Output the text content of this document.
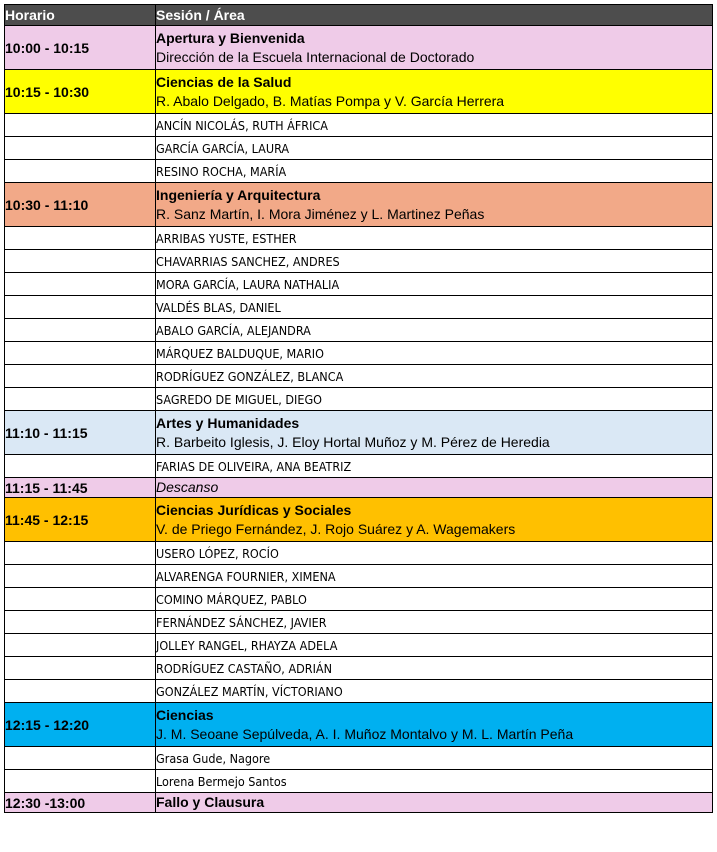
Horario	Sesión / Área
10:00 - 10:15	Apertura y Bienvenida
Dirección de la Escuela Internacional de Doctorado

10:15 - 10:30	Ciencias de la Salud
R. Abalo Delgado, B. Matías Pompa y V. García Herrera

	ANCÍN NICOLÁS, RUTH ÁFRICA
	GARCÍA GARCÍA, LAURA
	RESINO ROCHA, MARÍA
10:30 - 11:10	Ingeniería y Arquitectura
R. Sanz Martín, I. Mora Jiménez y L. Martinez Peñas

	ARRIBAS YUSTE, ESTHER
	CHAVARRIAS SANCHEZ, ANDRES
	MORA GARCÍA, LAURA NATHALIA
	VALDÉS BLAS, DANIEL
	ABALO GARCÍA, ALEJANDRA
	MÁRQUEZ BALDUQUE, MARIO
	RODRÍGUEZ GONZÁLEZ, BLANCA
	SAGREDO DE MIGUEL, DIEGO
11:10 - 11:15	Artes y Humanidades
R. Barbeito Iglesis, J. Eloy Hortal Muñoz y M. Pérez de Heredia

	FARIAS DE OLIVEIRA, ANA BEATRIZ
11:15 - 11:45	Descanso

11:45 - 12:15	Ciencias Jurídicas y Sociales
V. de Priego Fernández, J. Rojo Suárez y A. Wagemakers

	USERO LÓPEZ, ROCÍO
	ALVARENGA FOURNIER, XIMENA
	COMINO MÁRQUEZ, PABLO
	FERNÁNDEZ SÁNCHEZ, JAVIER
	JOLLEY RANGEL, RHAYZA ADELA
	RODRÍGUEZ CASTAÑO, ADRIÁN
	GONZÁLEZ MARTÍN, VÍCTORIANO
12:15 - 12:20	Ciencias
J. M. Seoane Sepúlveda, A. I. Muñoz Montalvo y M. L. Martín Peña

	Grasa Gude, Nagore
	Lorena Bermejo Santos
12:30 -13:00	Fallo y Clausura
